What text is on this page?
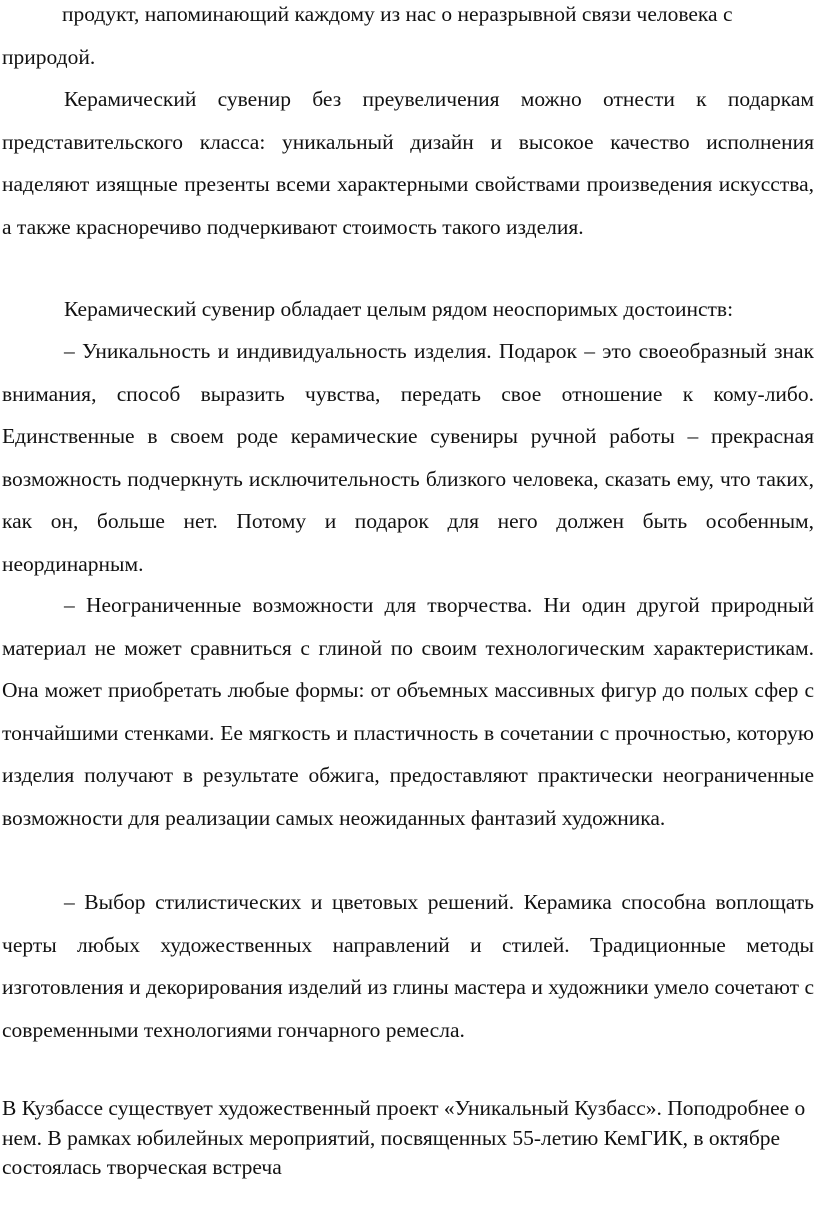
продукт, напоминающий каждому из нас о неразрывной связи человека с природой.

Керамический сувенир без преувеличения можно отнести к подаркам представительского класса: уникальный дизайн и высокое качество исполнения наделяют изящные презенты всеми характерными свойствами произведения искусства, а также красноречиво подчеркивают стоимость такого изделия.

Керамический сувенир обладает целым рядом неоспоримых достоинств:

– Уникальность и индивидуальность изделия. Подарок – это своеобразный знак внимания, способ выразить чувства, передать свое отношение к кому-либо. Единственные в своем роде керамические сувениры ручной работы – прекрасная возможность подчеркнуть исключительность близкого человека, сказать ему, что таких, как он, больше нет. Потому и подарок для него должен быть особенным, неординарным.

– Неограниченные возможности для творчества. Ни один другой природный материал не может сравниться с глиной по своим технологическим характеристикам. Она может приобретать любые формы: от объемных массивных фигур до полых сфер с тончайшими стенками. Ее мягкость и пластичность в сочетании с прочностью, которую изделия получают в результате обжига, предоставляют практически неограниченные возможности для реализации самых неожиданных фантазий художника.

– Выбор стилистических и цветовых решений. Керамика способна воплощать черты любых художественных направлений и стилей. Традиционные методы изготовления и декорирования изделий из глины мастера и художники умело сочетают с современными технологиями гончарного ремесла.

В Кузбассе существует художественный проект «Уникальный Кузбасс». Поподробнее о нем. В рамках юбилейных мероприятий, посвященных 55-летию КемГИК, в октябре состоялась творческая встреча
